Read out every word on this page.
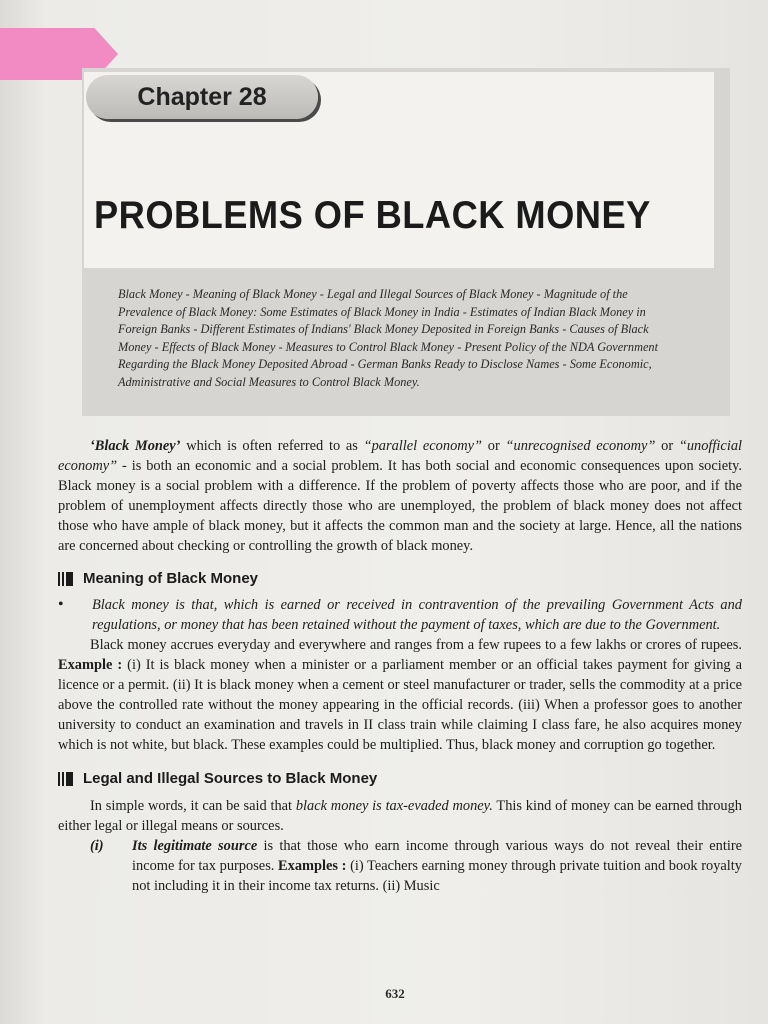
Chapter 28
PROBLEMS OF BLACK MONEY
Black Money - Meaning of Black Money - Legal and Illegal Sources of Black Money - Magnitude of the Prevalence of Black Money: Some Estimates of Black Money in India - Estimates of Indian Black Money in Foreign Banks - Different Estimates of Indians' Black Money Deposited in Foreign Banks - Causes of Black Money - Effects of Black Money - Measures to Control Black Money - Present Policy of the NDA Government Regarding the Black Money Deposited Abroad - German Banks Ready to Disclose Names - Some Economic, Administrative and Social Measures to Control Black Money.

‘Black Money’ which is often referred to as “parallel economy” or “unrecognised economy” or “unofficial economy” - is both an economic and a social problem. It has both social and economic consequences upon society. Black money is a social problem with a difference. If the problem of poverty affects those who are poor, and if the problem of unemployment affects directly those who are unemployed, the problem of black money does not affect those who have ample of black money, but it affects the common man and the society at large. Hence, all the nations are concerned about checking or controlling the growth of black money.

Meaning of Black Money
•	Black money is that, which is earned or received in contravention of the prevailing Government Acts and regulations, or money that has been retained without the payment of taxes, which are due to the Government.

Black money accrues everyday and everywhere and ranges from a few rupees to a few lakhs or crores of rupees. Example : (i) It is black money when a minister or a parliament member or an official takes payment for giving a licence or a permit. (ii) It is black money when a cement or steel manufacturer or trader, sells the commodity at a price above the controlled rate without the money appearing in the official records. (iii) When a professor goes to another university to conduct an examination and travels in II class train while claiming I class fare, he also acquires money which is not white, but black. These examples could be multiplied. Thus, black money and corruption go together.

Legal and Illegal Sources to Black Money

In simple words, it can be said that black money is tax-evaded money. This kind of money can be earned through either legal or illegal means or sources.

(i)	Its legitimate source is that those who earn income through various ways do not reveal their entire income for tax purposes. Examples : (i) Teachers earning money through private tuition and book royalty not including it in their income tax returns. (ii) Music
632
